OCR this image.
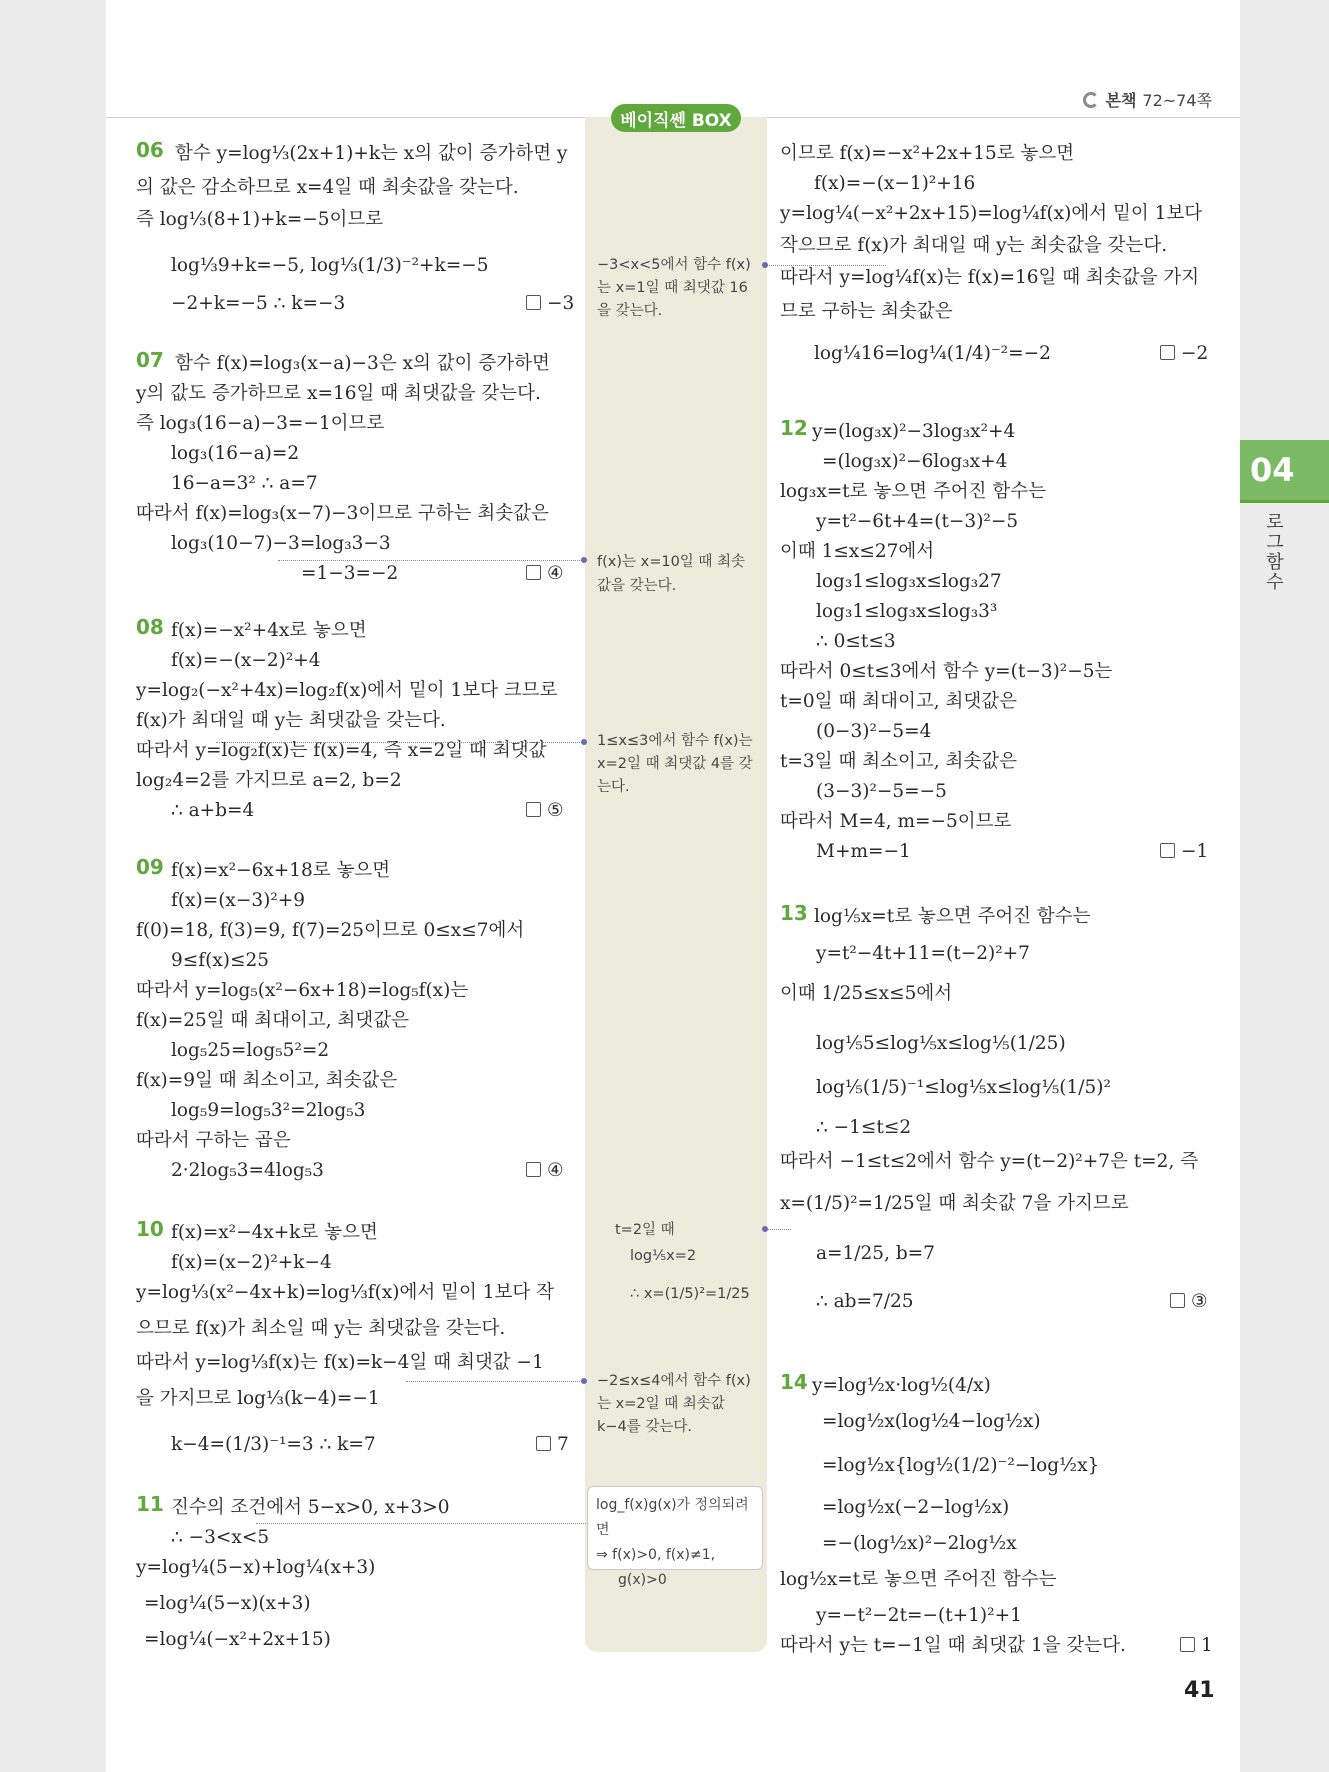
본책 72~74쪽
베이직쎈 BOX
함수 y=log⅓(2x+1)+k는 x의 값이 증가하면 y
의 값은 감소하므로 x=4일 때 최솟값을 갖는다.
즉 log⅓(8+1)+k=−5이므로
log⅓9+k=−5, log⅓(1/3)⁻²+k=−5
−2+k=−5 ∴ k=−3
함수 f(x)=log₃(x−a)−3은 x의 값이 증가하면
y의 값도 증가하므로 x=16일 때 최댓값을 갖는다.
즉 log₃(16−a)−3=−1이므로
log₃(16−a)=2
16−a=3² ∴ a=7
따라서 f(x)=log₃(x−7)−3이므로 구하는 최솟값은
log₃(10−7)−3=log₃3−3
=1−3=−2
f(x)=−x²+4x로 놓으면
f(x)=−(x−2)²+4
y=log₂(−x²+4x)=log₂f(x)에서 밑이 1보다 크므로
f(x)가 최대일 때 y는 최댓값을 갖는다.
따라서 y=log₂f(x)는 f(x)=4, 즉 x=2일 때 최댓값
log₂4=2를 가지므로 a=2, b=2
∴ a+b=4
f(x)=x²−6x+18로 놓으면
f(x)=(x−3)²+9
f(0)=18, f(3)=9, f(7)=25이므로 0≤x≤7에서
9≤f(x)≤25
따라서 y=log₅(x²−6x+18)=log₅f(x)는
f(x)=25일 때 최대이고, 최댓값은
log₅25=log₅5²=2
f(x)=9일 때 최소이고, 최솟값은
log₅9=log₅3²=2log₅3
따라서 구하는 곱은
2·2log₅3=4log₅3
f(x)=x²−4x+k로 놓으면
f(x)=(x−2)²+k−4
y=log⅓(x²−4x+k)=log⅓f(x)에서 밑이 1보다 작
으므로 f(x)가 최소일 때 y는 최댓값을 갖는다.
따라서 y=log⅓f(x)는 f(x)=k−4일 때 최댓값 −1
을 가지므로 log⅓(k−4)=−1
k−4=(1/3)⁻¹=3 ∴ k=7
진수의 조건에서 5−x>0, x+3>0
∴ −3<x<5
y=log¼(5−x)+log¼(x+3)
=log¼(5−x)(x+3)
=log¼(−x²+2x+15)
06
07
08
09
10
11
−3
④
⑤
④
7
이므로 f(x)=−x²+2x+15로 놓으면
f(x)=−(x−1)²+16
y=log¼(−x²+2x+15)=log¼f(x)에서 밑이 1보다
작으므로 f(x)가 최대일 때 y는 최솟값을 갖는다.
따라서 y=log¼f(x)는 f(x)=16일 때 최솟값을 가지
므로 구하는 최솟값은
log¼16=log¼(1/4)⁻²=−2
y=(log₃x)²−3log₃x²+4
=(log₃x)²−6log₃x+4
log₃x=t로 놓으면 주어진 함수는
y=t²−6t+4=(t−3)²−5
이때 1≤x≤27에서
log₃1≤log₃x≤log₃27
log₃1≤log₃x≤log₃3³
∴ 0≤t≤3
따라서 0≤t≤3에서 함수 y=(t−3)²−5는
t=0일 때 최대이고, 최댓값은
(0−3)²−5=4
t=3일 때 최소이고, 최솟값은
(3−3)²−5=−5
따라서 M=4, m=−5이므로
M+m=−1
log⅕x=t로 놓으면 주어진 함수는
y=t²−4t+11=(t−2)²+7
이때 1/25≤x≤5에서
log⅕5≤log⅕x≤log⅕(1/25)
log⅕(1/5)⁻¹≤log⅕x≤log⅕(1/5)²
∴ −1≤t≤2
따라서 −1≤t≤2에서 함수 y=(t−2)²+7은 t=2, 즉
x=(1/5)²=1/25일 때 최솟값 7을 가지므로
a=1/25, b=7
∴ ab=7/25
y=log½x·log½(4/x)
=log½x(log½4−log½x)
=log½x{log½(1/2)⁻²−log½x}
=log½x(−2−log½x)
=−(log½x)²−2log½x
log½x=t로 놓으면 주어진 함수는
y=−t²−2t=−(t+1)²+1
따라서 y는 t=−1일 때 최댓값 1을 갖는다.
12
13
14
−2
−1
③
1
−3<x<5에서 함수 f(x)는 x=1일 때 최댓값 16을 갖는다.
f(x)는 x=10일 때 최솟값을 갖는다.
1≤x≤3에서 함수 f(x)는 x=2일 때 최댓값 4를 갖는다.
t=2일 때
log⅕x=2
∴ x=(1/5)²=1/25
−2≤x≤4에서 함수 f(x)는 x=2일 때 최솟값 k−4를 갖는다.
log_f(x)g(x)가 정의되려면
⇒ f(x)>0, f(x)≠1,
g(x)>0
04
로그함수
41
